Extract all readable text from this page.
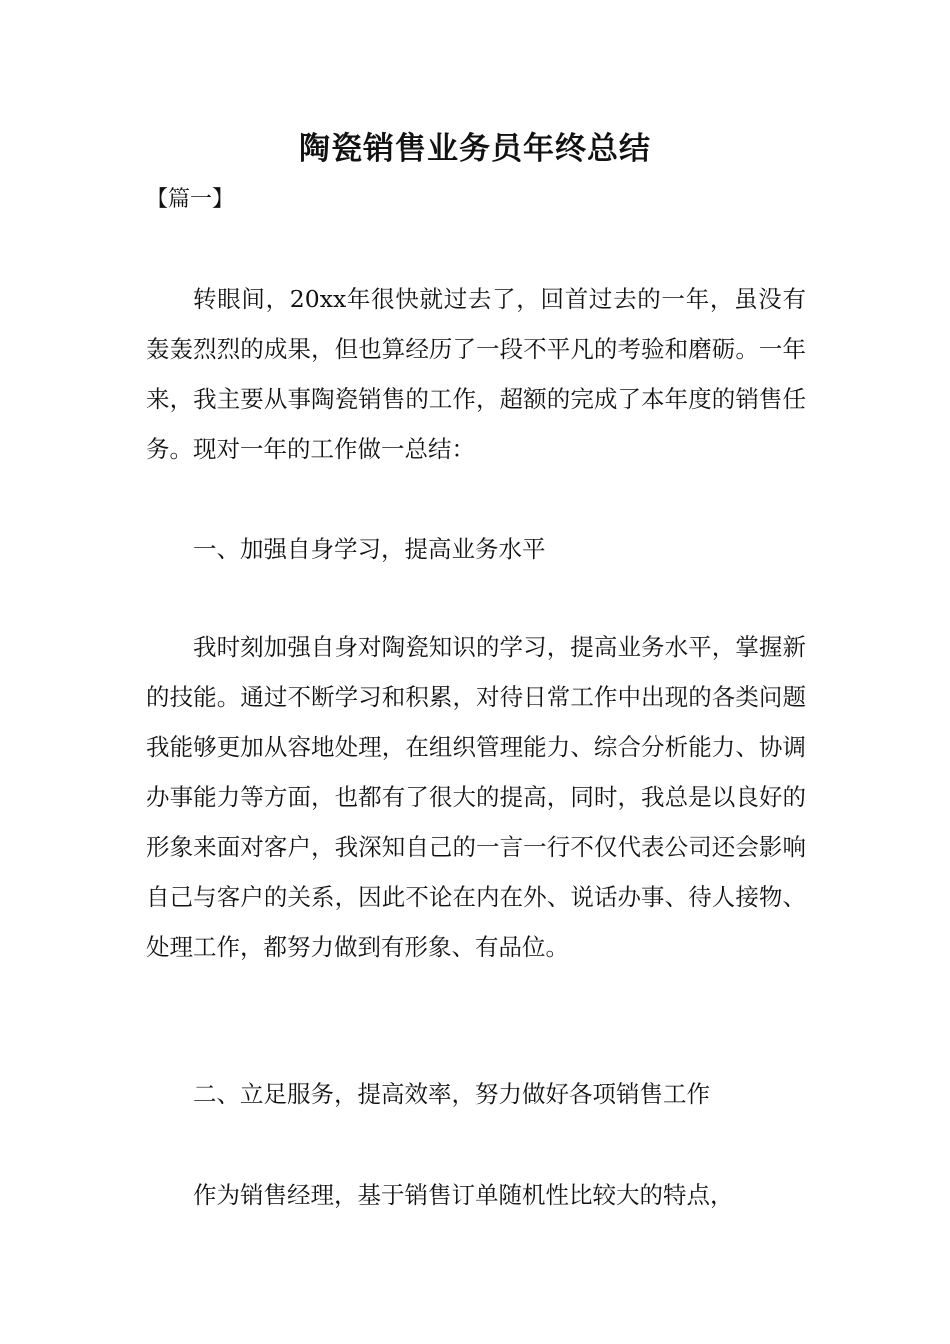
陶瓷销售业务员年终总结
【篇一】

转眼间，20xx年很快就过去了，回首过去的一年，虽没有轰轰烈烈的成果，但也算经历了一段不平凡的考验和磨砺。一年来，我主要从事陶瓷销售的工作，超额的完成了本年度的销售任务。现对一年的工作做一总结：

一、加强自身学习，提高业务水平

我时刻加强自身对陶瓷知识的学习，提高业务水平，掌握新的技能。通过不断学习和积累，对待日常工作中出现的各类问题我能够更加从容地处理，在组织管理能力、综合分析能力、协调办事能力等方面，也都有了很大的提高，同时，我总是以良好的形象来面对客户，我深知自己的一言一行不仅代表公司还会影响自己与客户的关系，因此不论在内在外、说话办事、待人接物、处理工作，都努力做到有形象、有品位。

二、立足服务，提高效率，努力做好各项销售工作

作为销售经理，基于销售订单随机性比较大的特点，
